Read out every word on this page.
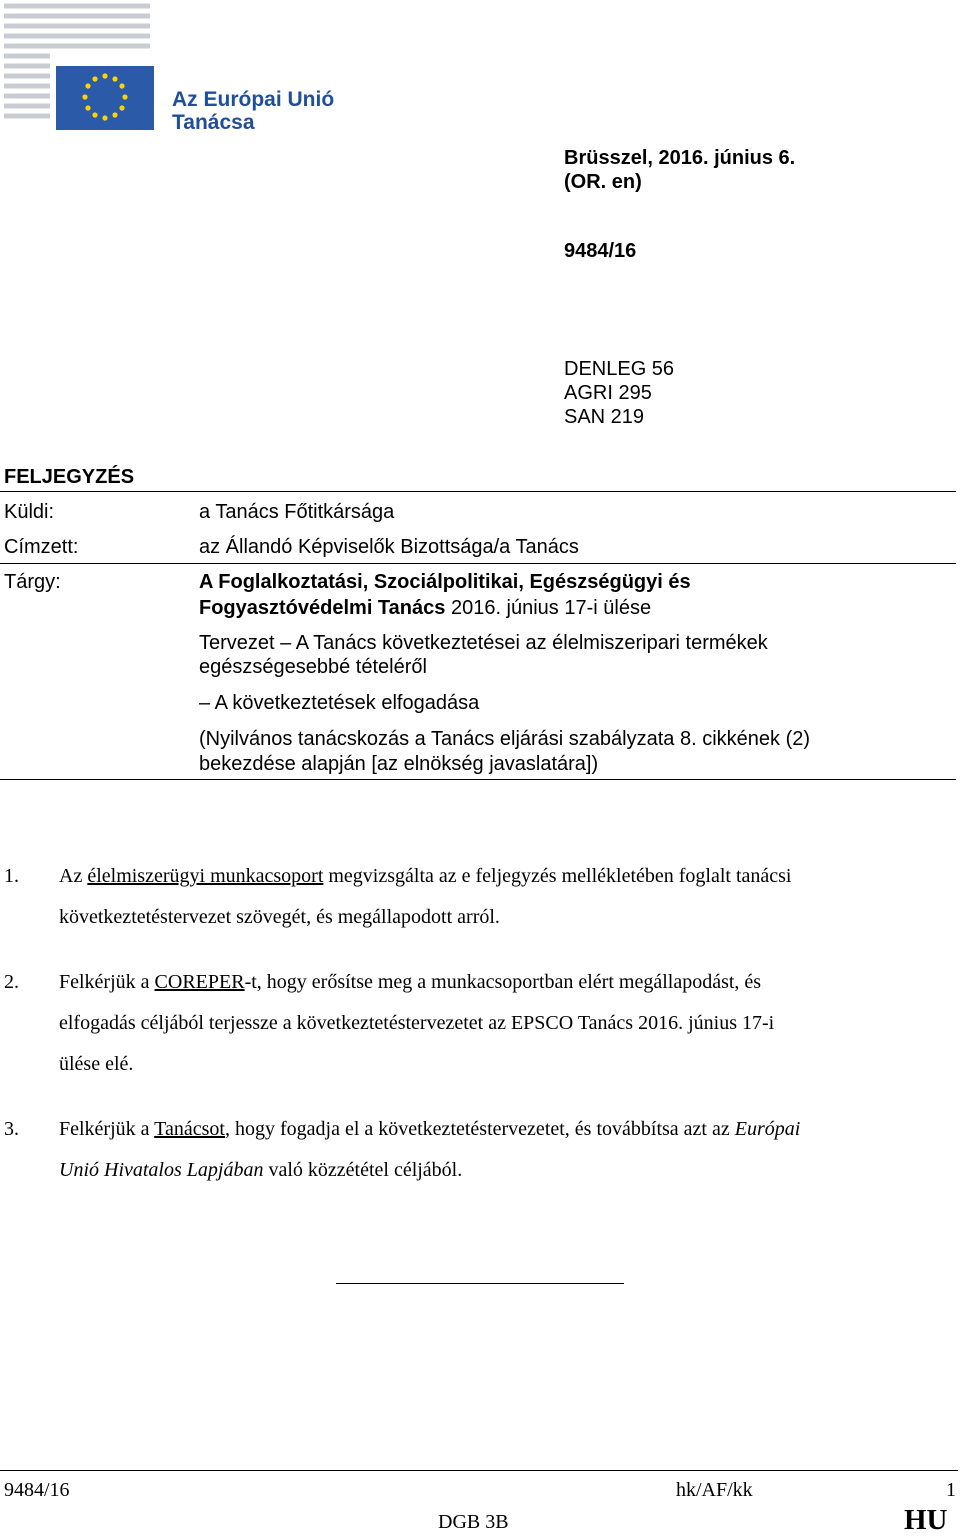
Az Európai Unió
Tanácsa
Brüsszel, 2016. június 6.
(OR. en)
9484/16
DENLEG 56
AGRI 295
SAN 219
FELJEGYZÉS
Küldi:	a Tanács Főtitkársága
Címzett:	az Állandó Képviselők Bizottsága/a Tanács
Tárgy:	A Foglalkoztatási, Szociálpolitikai, Egészségügyi és
Fogyasztóvédelmi Tanács 2016. június 17-i ülése
Tervezet ‒ A Tanács következtetései az élelmiszeripari termékek
egészségesebbé tételéről
‒ A következtetések elfogadása
(Nyilvános tanácskozás a Tanács eljárási szabályzata 8. cikkének (2)
bekezdése alapján [az elnökség javaslatára])
1. Az élelmiszerügyi munkacsoport megvizsgálta az e feljegyzés mellékletében foglalt tanácsi
következtetéstervezet szövegét, és megállapodott arról.
2. Felkérjük a COREPER-t, hogy erősítse meg a munkacsoportban elért megállapodást, és
elfogadás céljából terjessze a következtetéstervezetet az EPSCO Tanács 2016. június 17-i
ülése elé.
3. Felkérjük a Tanácsot, hogy fogadja el a következtetéstervezetet, és továbbítsa azt az Európai
Unió Hivatalos Lapjában való közzététel céljából.
9484/16	hk/AF/kk	1
DGB 3B	HU
